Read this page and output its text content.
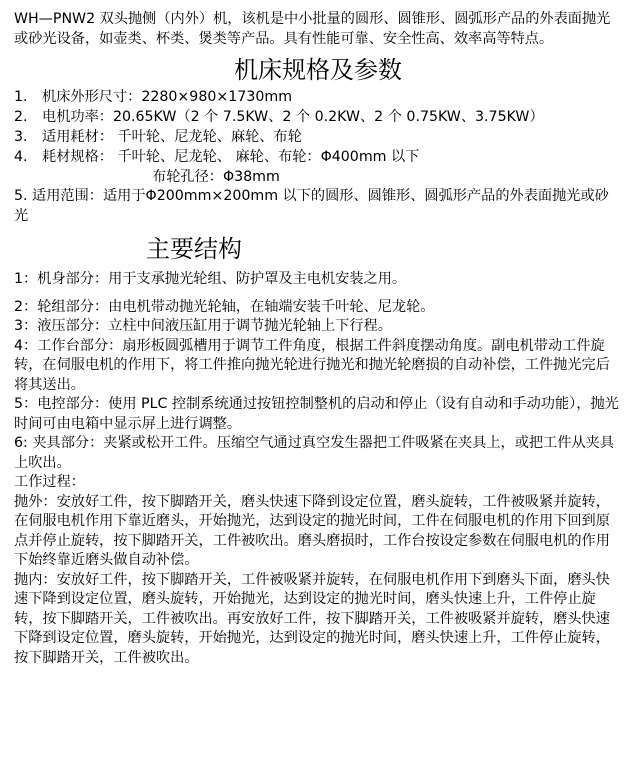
WH—PNW2 双头抛侧（内外）机，该机是中小批量的圆形、圆锥形、圆弧形产品的外表面抛光或砂光设备，如壶类、杯类、煲类等产品。具有性能可靠、安全性高、效率高等特点。

机床规格及参数
1.	机床外形尺寸：2280×980×1730mm
2.	电机功率：20.65KW（2 个 7.5KW、2 个 0.2KW、2 个 0.75KW、3.75KW）
3.	适用耗材： 千叶轮、尼龙轮、麻轮、布轮
4.	耗材规格： 千叶轮、尼龙轮、 麻轮、布轮：Φ400mm 以下
布轮孔径：Φ38mm

5. 适用范围：适用于Φ200mm×200mm 以下的圆形、圆锥形、圆弧形产品的外表面抛光或砂光

主要结构

1：机身部分：用于支承抛光轮组、防护罩及主电机安装之用。

2：轮组部分：由电机带动抛光轮轴，在轴端安装千叶轮、尼龙轮。

3：液压部分：立柱中间液压缸用于调节抛光轮轴上下行程。

4：工作台部分：扇形板圆弧槽用于调节工件角度，根据工件斜度摆动角度。副电机带动工件旋转，在伺服电机的作用下，将工件推向抛光轮进行抛光和抛光轮磨损的自动补偿，工件抛光完后将其送出。

5：电控部分：使用 PLC 控制系统通过按钮控制整机的启动和停止（设有自动和手动功能），抛光时间可由电箱中显示屏上进行调整。

6: 夹具部分：夹紧或松开工件。压缩空气通过真空发生器把工件吸紧在夹具上，或把工件从夹具上吹出。

工作过程：

抛外：安放好工件，按下脚踏开关，磨头快速下降到设定位置，磨头旋转，工件被吸紧并旋转，在伺服电机作用下靠近磨头，开始抛光，达到设定的抛光时间，工件在伺服电机的作用下回到原点并停止旋转，按下脚踏开关，工件被吹出。磨头磨损时，工作台按设定参数在伺服电机的作用下始终靠近磨头做自动补偿。

抛内：安放好工件，按下脚踏开关，工件被吸紧并旋转，在伺服电机作用下到磨头下面，磨头快速下降到设定位置，磨头旋转，开始抛光，达到设定的抛光时间，磨头快速上升，工件停止旋转，按下脚踏开关，工件被吹出。再安放好工件，按下脚踏开关，工件被吸紧并旋转，磨头快速下降到设定位置，磨头旋转，开始抛光，达到设定的抛光时间，磨头快速上升，工件停止旋转，按下脚踏开关，工件被吹出。
